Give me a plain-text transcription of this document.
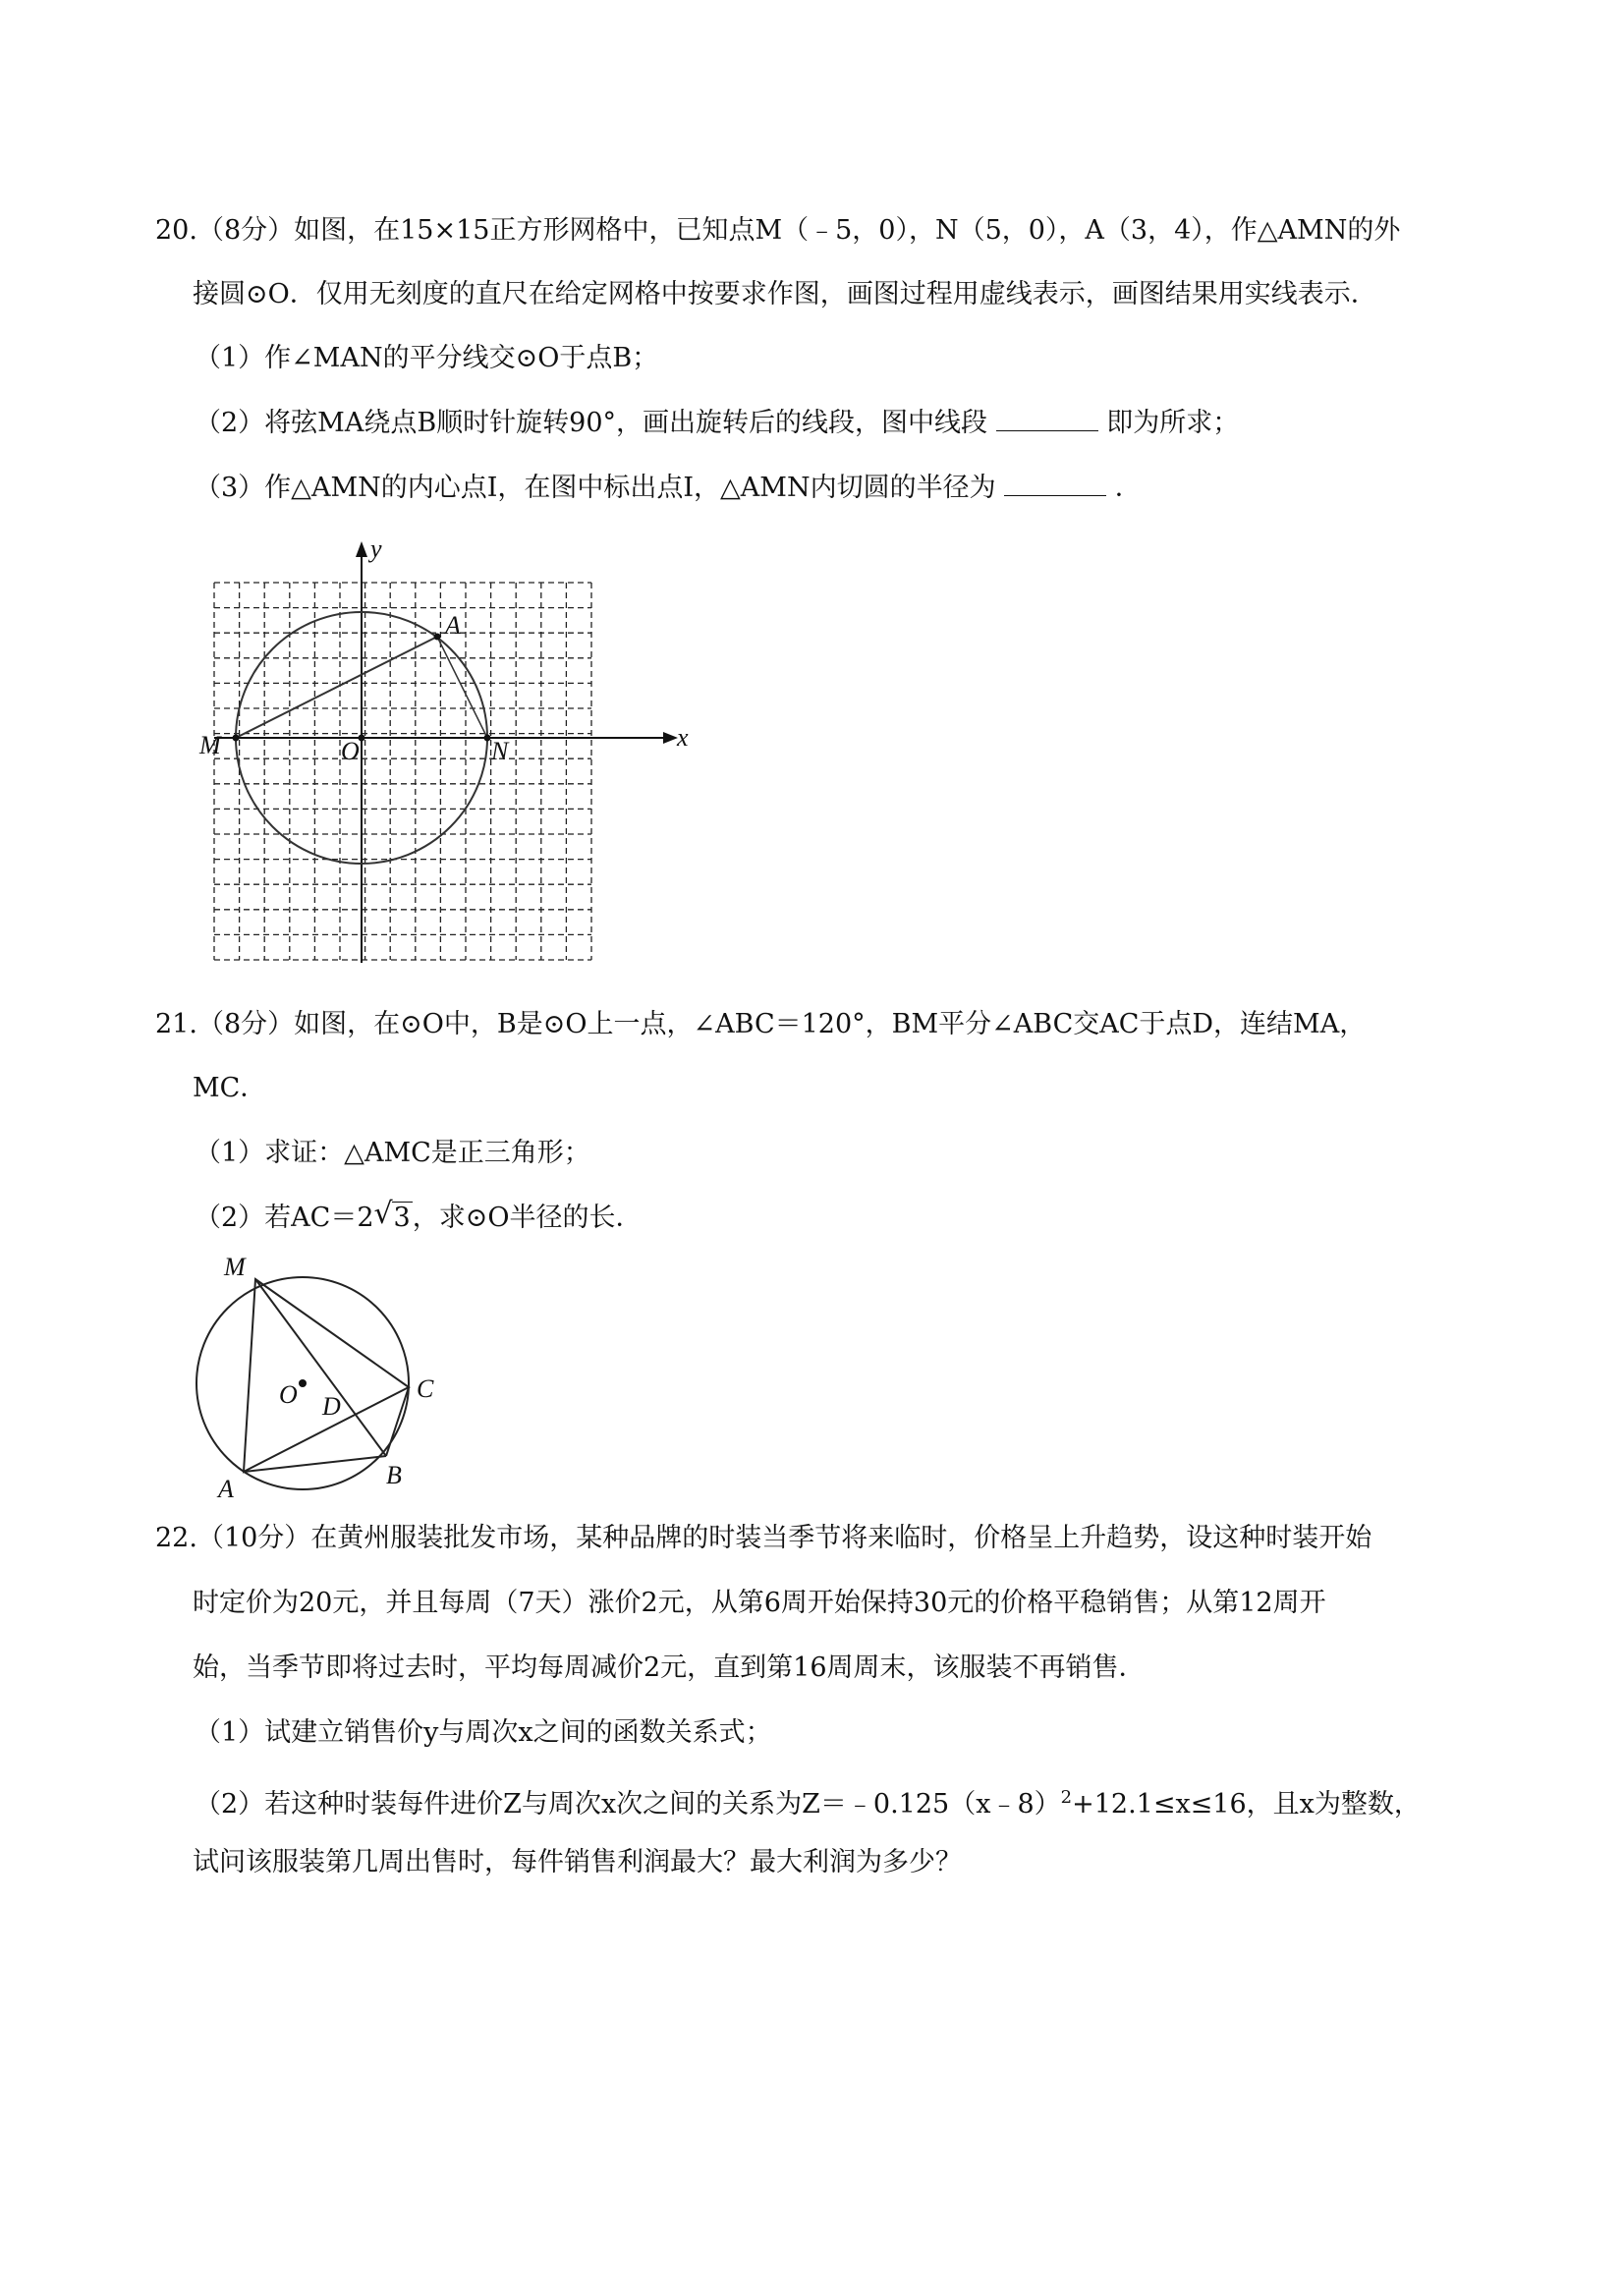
20.（8分）如图，在15×15正方形网格中，已知点M（﹣5，0），N（5，0），A（3，4），作△AMN的外
接圆⊙O．仅用无刻度的直尺在给定网格中按要求作图，画图过程用虚线表示，画图结果用实线表示．
（1）作∠MAN的平分线交⊙O于点B；
（2）将弦MA绕点B顺时针旋转90°，画出旋转后的线段，图中线段	即为所求；
（3）作△AMN的内心点I，在图中标出点I，△AMN内切圆的半径为	．
y
x
M	O	N
A
21.（8分）如图，在⊙O中，B是⊙O上一点，∠ABC＝120°，BM平分∠ABC交AC于点D，连结MA，
MC．
（1）求证：△AMC是正三角形；
（2）若AC＝2 √ 3，求⊙O半径的长．
M
O D
C
A	B
22.（10分）在黄州服装批发市场，某种品牌的时装当季节将来临时，价格呈上升趋势，设这种时装开始
时定价为20元，并且每周（7天）涨价2元，从第6周开始保持30元的价格平稳销售；从第12周开
始，当季节即将过去时，平均每周减价2元，直到第16周周末，该服装不再销售．
（1）试建立销售价y与周次x之间的函数关系式；
（2）若这种时装每件进价Z与周次x次之间的关系为Z＝﹣0.125（x﹣8）$^2$+12.1≤x≤16，且x为整数，
试问该服装第几周出售时，每件销售利润最大？最大利润为多少？
